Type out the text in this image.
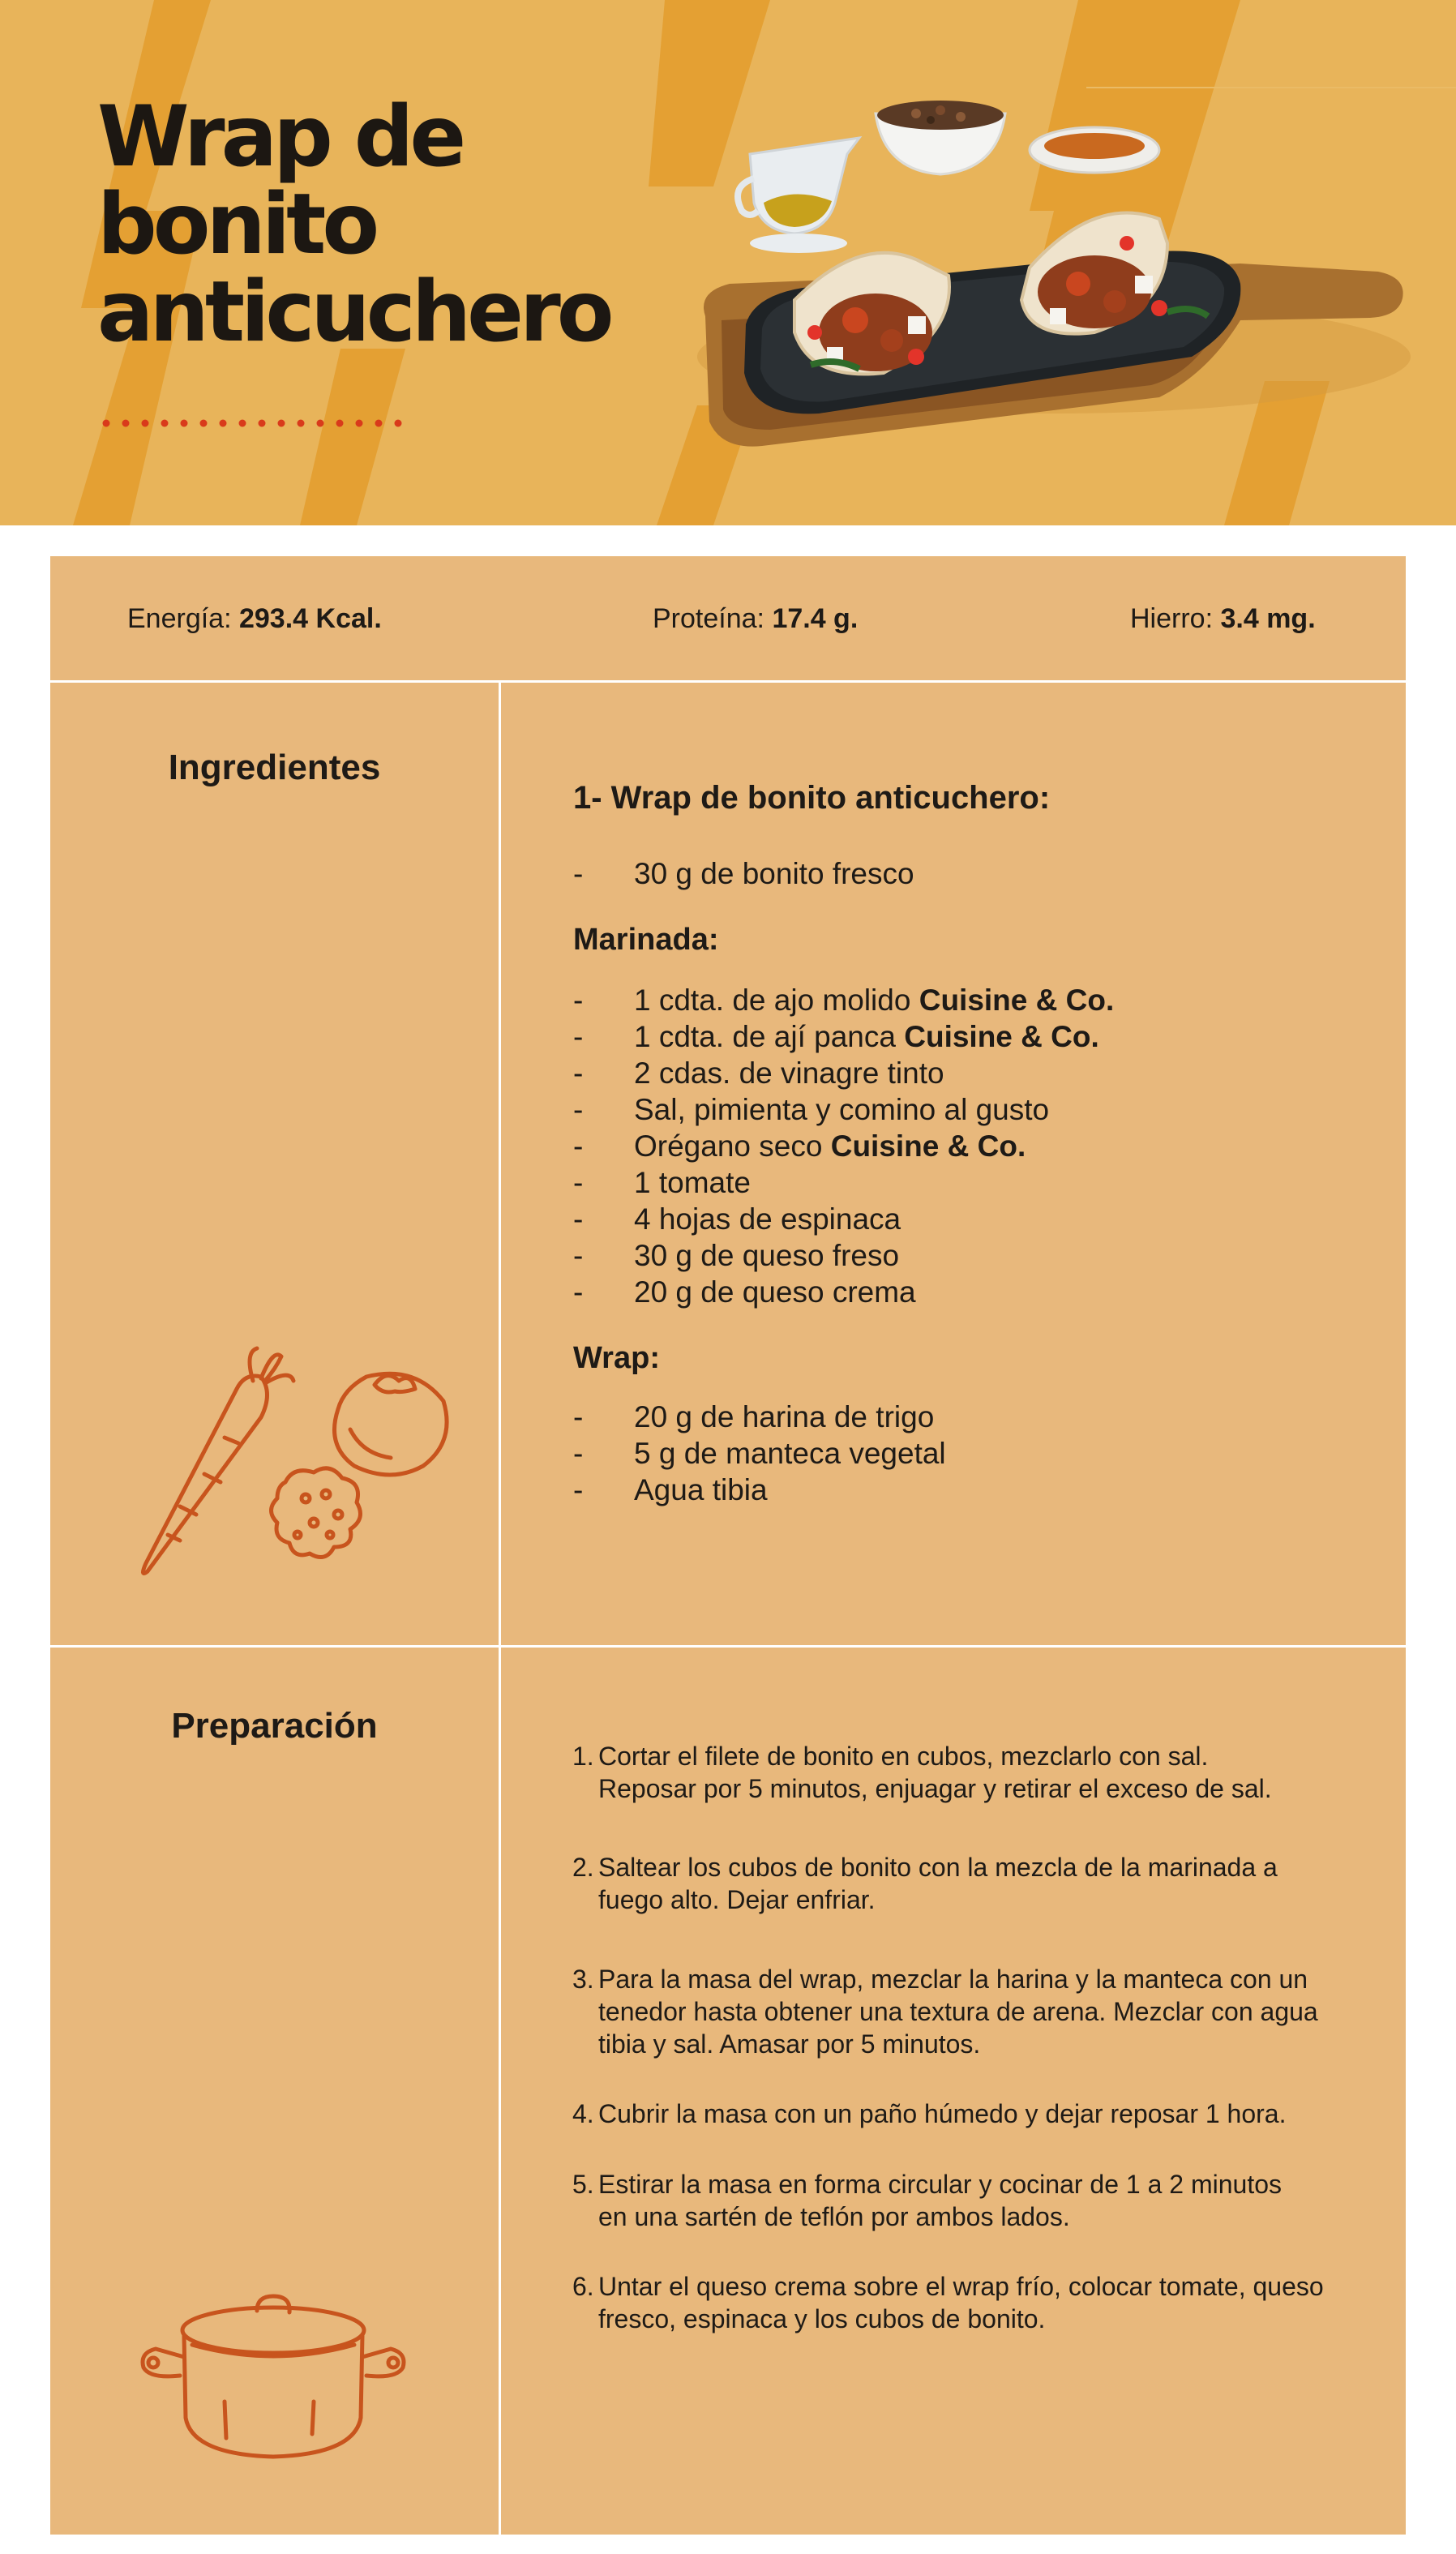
Wrap de
bonito
anticuchero
Energía: 293.4 Kcal.	Proteína: 17.4 g.	Hierro: 3.4 mg.
Ingredientes
1- Wrap de bonito anticuchero:
- 30 g de bonito fresco
Marinada:
- 1 cdta. de ajo molido Cuisine & Co.
- 1 cdta. de ají panca Cuisine & Co.
- 2 cdas. de vinagre tinto
- Sal, pimienta y comino al gusto
- Orégano seco Cuisine & Co.
- 1 tomate
- 4 hojas de espinaca
- 30 g de queso freso
- 20 g de queso crema
Wrap:
- 20 g de harina de trigo
- 5 g de manteca vegetal
- Agua tibia
Preparación
1. Cortar el filete de bonito en cubos, mezclarlo con sal.
Reposar por 5 minutos, enjuagar y retirar el exceso de sal.
2. Saltear los cubos de bonito con la mezcla de la marinada a
fuego alto. Dejar enfriar.
3. Para la masa del wrap, mezclar la harina y la manteca con un
tenedor hasta obtener una textura de arena. Mezclar con agua
tibia y sal. Amasar por 5 minutos.
4. Cubrir la masa con un paño húmedo y dejar reposar 1 hora.
5. Estirar la masa en forma circular y cocinar de 1 a 2 minutos
en una sartén de teflón por ambos lados.
6. Untar el queso crema sobre el wrap frío, colocar tomate, queso
fresco, espinaca y los cubos de bonito.
